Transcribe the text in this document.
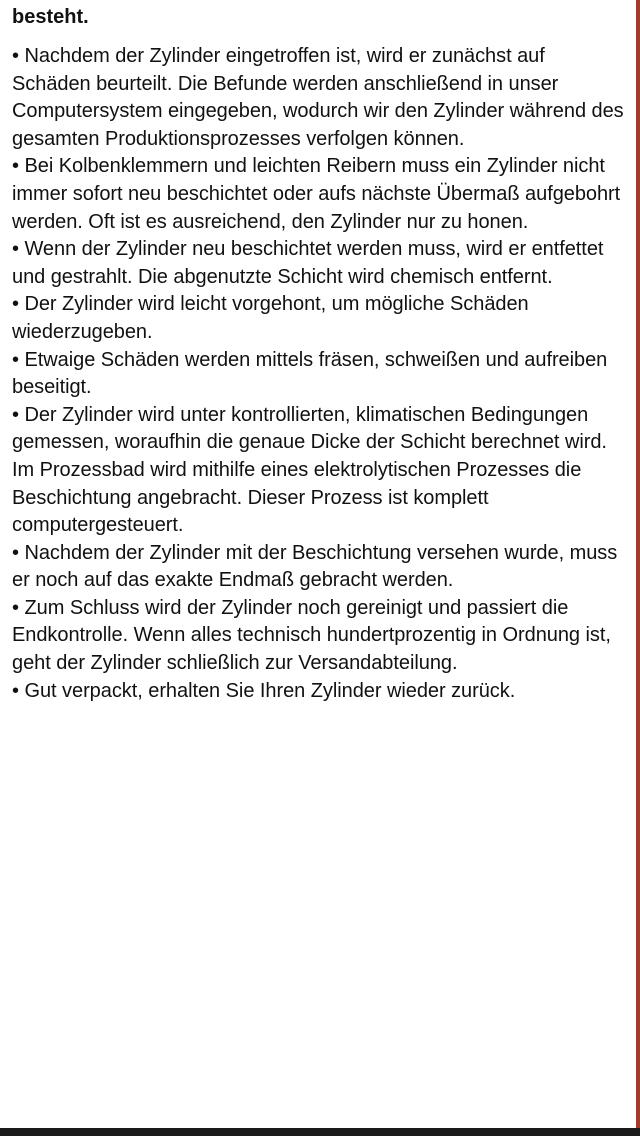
besteht.

• Nachdem der Zylinder eingetroffen ist, wird er zunächst auf Schäden beurteilt. Die Befunde werden anschließend in unser Computersystem eingegeben, wodurch wir den Zylinder während des gesamten Produktionsprozesses verfolgen können.

• Bei Kolbenklemmern und leichten Reibern muss ein Zylinder nicht immer sofort neu beschichtet oder aufs nächste Übermaß aufgebohrt werden. Oft ist es ausreichend, den Zylinder nur zu honen.

• Wenn der Zylinder neu beschichtet werden muss, wird er entfettet und gestrahlt. Die abgenutzte Schicht wird chemisch entfernt.

• Der Zylinder wird leicht vorgehont, um mögliche Schäden wiederzugeben.

• Etwaige Schäden werden mittels fräsen, schweißen und aufreiben beseitigt.

• Der Zylinder wird unter kontrollierten, klimatischen Bedingungen gemessen, woraufhin die genaue Dicke der Schicht berechnet wird. Im Prozessbad wird mithilfe eines elektrolytischen Prozesses die Beschichtung angebracht. Dieser Prozess ist komplett computergesteuert.

• Nachdem der Zylinder mit der Beschichtung versehen wurde, muss er noch auf das exakte Endmaß gebracht werden.

• Zum Schluss wird der Zylinder noch gereinigt und passiert die Endkontrolle. Wenn alles technisch hundertprozentig in Ordnung ist, geht der Zylinder schließlich zur Versandabteilung.

• Gut verpackt, erhalten Sie Ihren Zylinder wieder zurück.
